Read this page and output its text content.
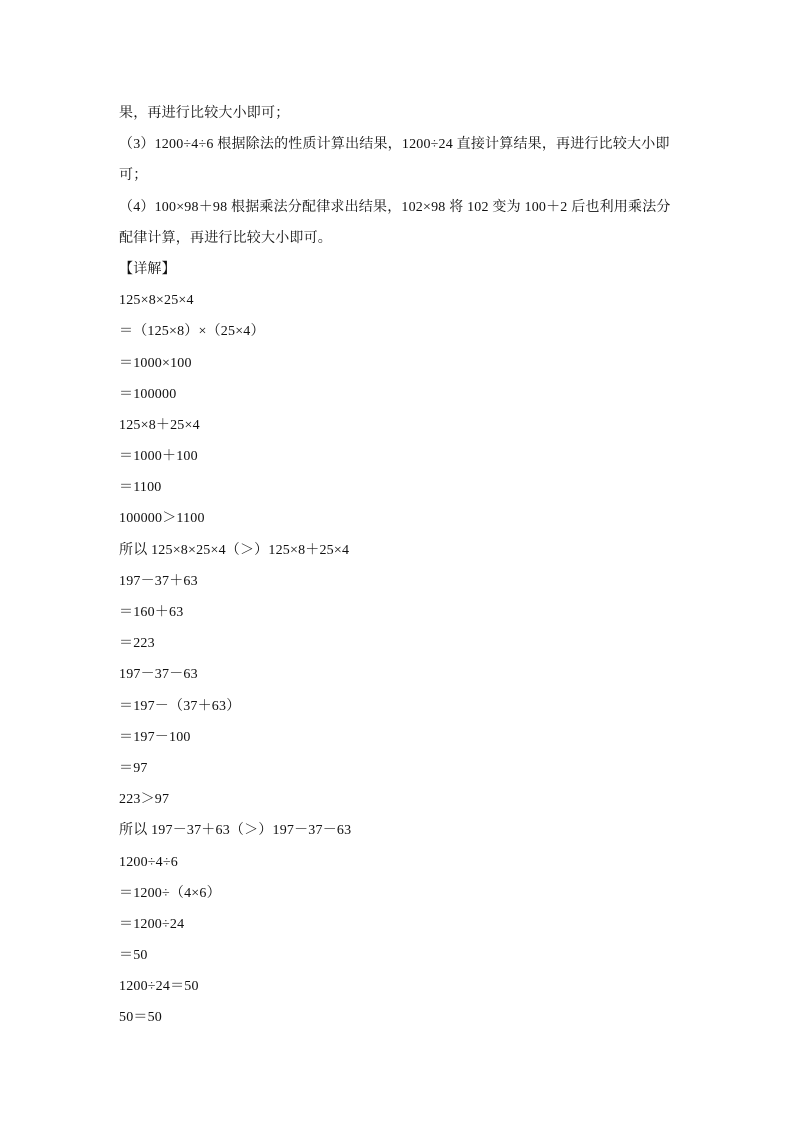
果，再进行比较大小即可；
（3）1200÷4÷6 根据除法的性质计算出结果，1200÷24 直接计算结果，再进行比较大小即
可；
（4）100×98＋98 根据乘法分配律求出结果，102×98 将 102 变为 100＋2 后也利用乘法分
配律计算，再进行比较大小即可。
【详解】
125×8×25×4
＝（125×8）×（25×4）
＝1000×100
＝100000
125×8＋25×4
＝1000＋100
＝1100
100000＞1100
所以 125×8×25×4（＞）125×8＋25×4
197－37＋63
＝160＋63
＝223
197－37－63
＝197－（37＋63）
＝197－100
＝97
223＞97
所以 197－37＋63（＞）197－37－63
1200÷4÷6
＝1200÷（4×6）
＝1200÷24
＝50
1200÷24＝50
50＝50
